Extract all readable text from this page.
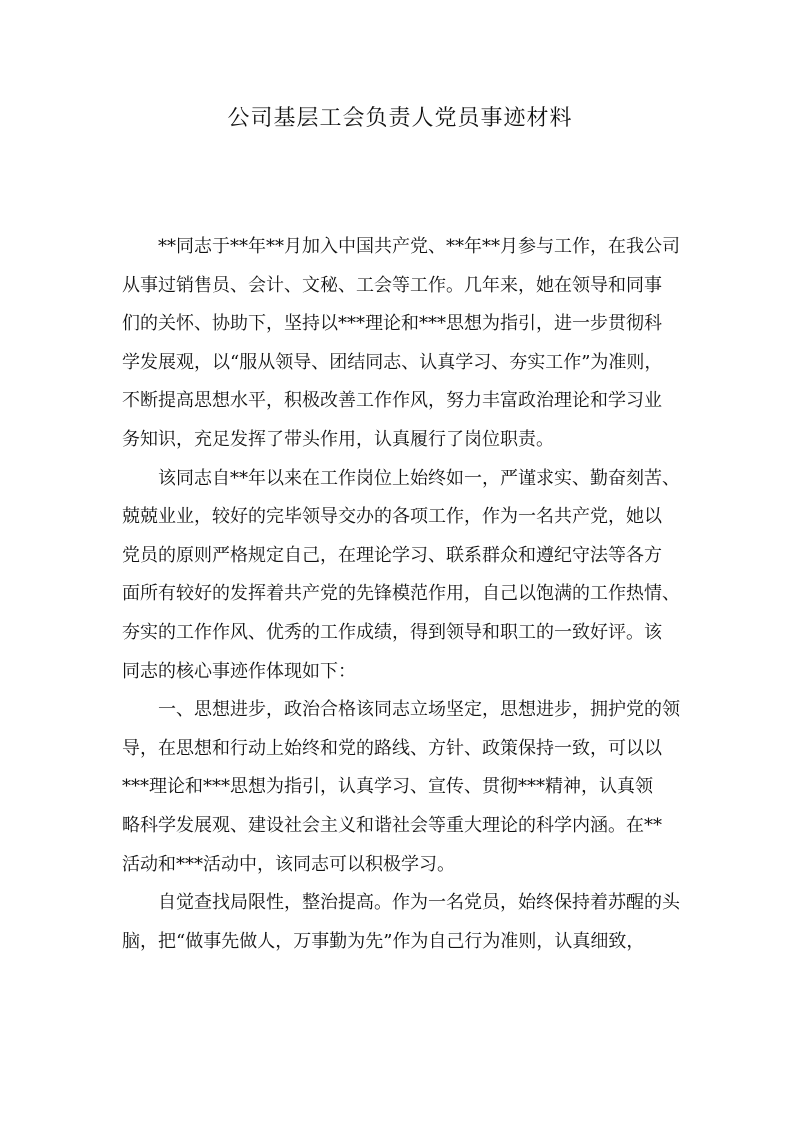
公司基层工会负责人党员事迹材料

**同志于**年**月加入中国共产党、**年**月参与工作，在我公司
从事过销售员、会计、文秘、工会等工作。几年来，她在领导和同事
们的关怀、协助下，坚持以***理论和***思想为指引，进一步贯彻科
学发展观，以“服从领导、团结同志、认真学习、夯实工作”为准则，
不断提高思想水平，积极改善工作作风，努力丰富政治理论和学习业
务知识，充足发挥了带头作用，认真履行了岗位职责。

该同志自**年以来在工作岗位上始终如一，严谨求实、勤奋刻苦、
兢兢业业，较好的完毕领导交办的各项工作，作为一名共产党，她以
党员的原则严格规定自己，在理论学习、联系群众和遵纪守法等各方
面所有较好的发挥着共产党的先锋模范作用，自己以饱满的工作热情、
夯实的工作作风、优秀的工作成绩，得到领导和职工的一致好评。该
同志的核心事迹作体现如下：

一、思想进步，政治合格该同志立场坚定，思想进步，拥护党的领
导，在思想和行动上始终和党的路线、方针、政策保持一致，可以以
***理论和***思想为指引，认真学习、宣传、贯彻***精神，认真领
略科学发展观、建设社会主义和谐社会等重大理论的科学内涵。在**
活动和***活动中，该同志可以积极学习。

自觉查找局限性，整治提高。作为一名党员，始终保持着苏醒的头
脑，把“做事先做人，万事勤为先”作为自己行为准则，认真细致，
